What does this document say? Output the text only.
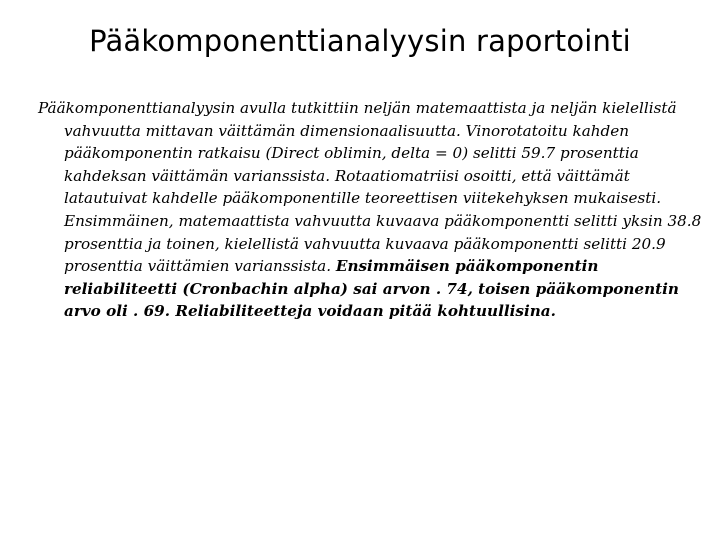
Pääkomponenttianalyysin raportointi

Pääkomponenttianalyysin avulla tutkittiin neljän matemaattista ja neljän kielellistä vahvuutta mittavan väittämän dimensionaalisuutta. Vinorotatoitu kahden pääkomponentin ratkaisu (Direct oblimin, delta = 0) selitti 59.7 prosenttia kahdeksan väittämän varianssista. Rotaatiomatriisi osoitti, että väittämät latautuivat kahdelle pääkomponentille teoreettisen viitekehyksen mukaisesti. Ensimmäinen, matemaattista vahvuutta kuvaava pääkomponentti selitti yksin 38.8 prosenttia ja toinen, kielellistä vahvuutta kuvaava pääkomponentti selitti 20.9 prosenttia väittämien varianssista. Ensimmäisen pääkomponentin reliabiliteetti (Cronbachin alpha) sai arvon . 74, toisen pääkomponentin arvo oli . 69. Reliabiliteetteja voidaan pitää kohtuullisina.
